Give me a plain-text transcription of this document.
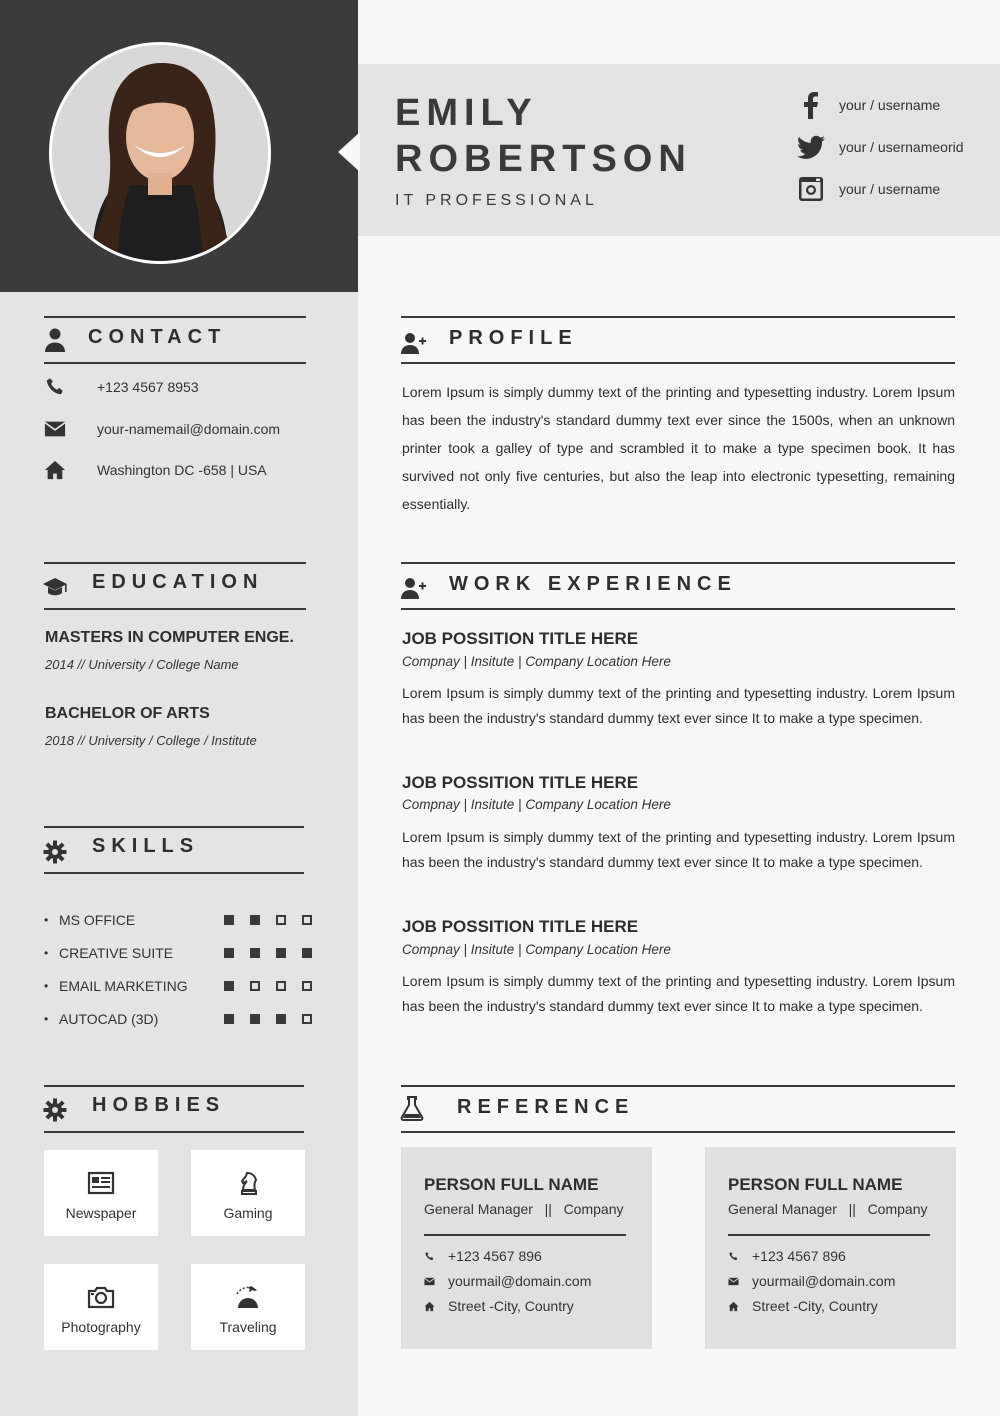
EMILY
ROBERTSON
IT PROFESSIONAL
your / username
your / usernameorid
your / username
CONTACT
+123 4567 8953
your-namemail@domain.com
Washington DC -658 | USA
EDUCATION
MASTERS IN COMPUTER ENGE.
2014 // University / College Name
BACHELOR OF ARTS
2018 // University / College / Institute
SKILLS
• MS OFFICE
• CREATIVE SUITE
• EMAIL MARKETING
• AUTOCAD (3D)
HOBBIES
Newspaper	Gaming
Photography	Traveling
PROFILE
Lorem Ipsum is simply dummy text of the printing and typesetting industry. Lorem Ipsum has been the industry's standard dummy text ever since the 1500s, when an unknown printer took a galley of type and scrambled it to make a type specimen book. It has survived not only five centuries, but also the leap into electronic typesetting, remaining essentially.
WORK EXPERIENCE
JOB POSSITION TITLE HERE
Compnay | Insitute | Company Location Here
Lorem Ipsum is simply dummy text of the printing and typesetting industry. Lorem Ipsum has been the industry's standard dummy text ever since It to make a type specimen.
JOB POSSITION TITLE HERE
Compnay | Insitute | Company Location Here
Lorem Ipsum is simply dummy text of the printing and typesetting industry. Lorem Ipsum has been the industry's standard dummy text ever since It to make a type specimen.
JOB POSSITION TITLE HERE
Compnay | Insitute | Company Location Here
Lorem Ipsum is simply dummy text of the printing and typesetting industry. Lorem Ipsum has been the industry's standard dummy text ever since It to make a type specimen.
REFERENCE
PERSON FULL NAME
General Manager   ||   Company
+123 4567 896
yourmail@domain.com
Street -City, Country
PERSON FULL NAME
General Manager   ||   Company
+123 4567 896
yourmail@domain.com
Street -City, Country
